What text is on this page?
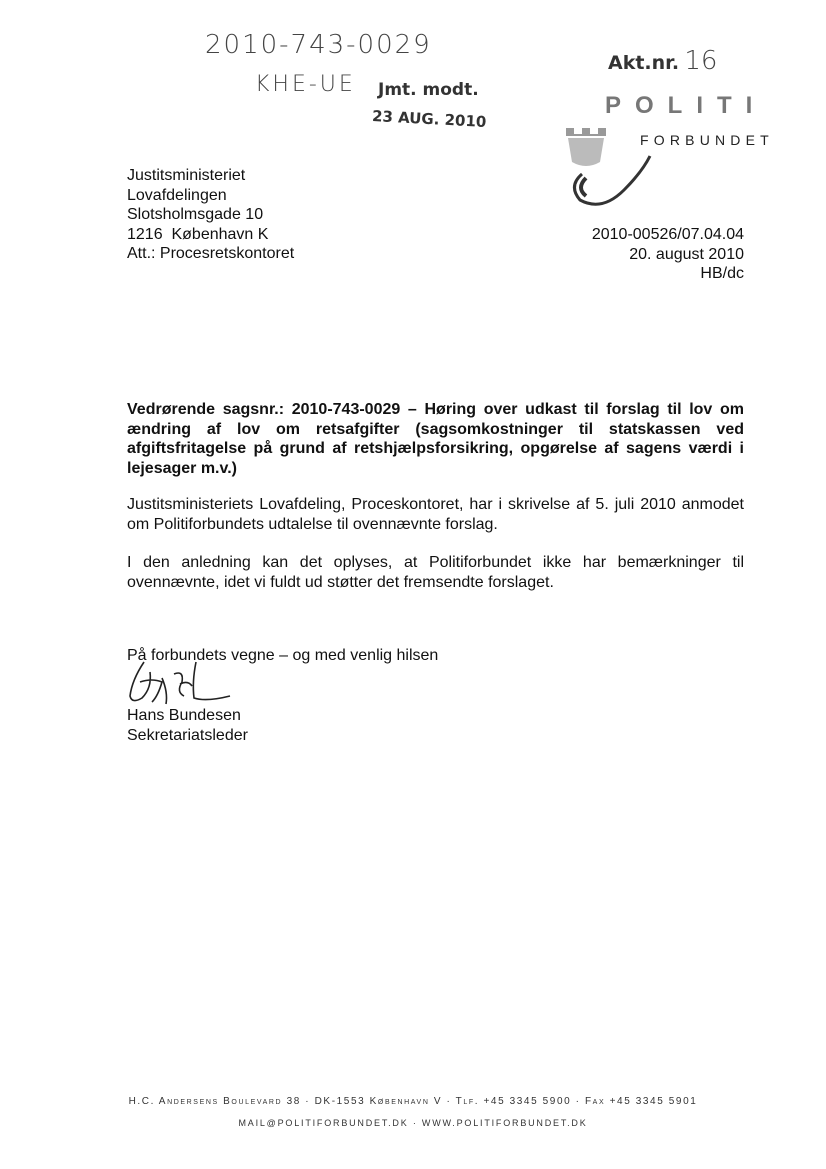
2010-743-0029
KHE-UE Jmt. modt.
23 AUG. 2010
Akt.nr. 16
POLITI
FORBUNDET
Justitsministeriet
Lovafdelingen
Slotsholmsgade 10
1216  København K
Att.: Procesretskontoret
2010-00526/07.04.04
20. august 2010
HB/dc
Vedrørende sagsnr.: 2010-743-0029 – Høring over udkast til forslag til lov om ændring af lov om retsafgifter (sagsomkostninger til statskassen ved afgiftsfritagelse på grund af retshjælpsforsikring, opgørelse af sagens værdi i lejesager m.v.)
Justitsministeriets Lovafdeling, Proceskontoret, har i skrivelse af 5. juli 2010 anmodet om Politiforbundets udtalelse til ovennævnte forslag.
I den anledning kan det oplyses, at Politiforbundet ikke har bemærkninger til ovennævnte, idet vi fuldt ud støtter det fremsendte forslaget.
På forbundets vegne – og med venlig hilsen
Hans Bundesen
Sekretariatsleder
H.C. Andersens Boulevard 38 · DK-1553 København V · Tlf. +45 3345 5900 · Fax +45 3345 5901
MAIL@POLITIFORBUNDET.DK · WWW.POLITIFORBUNDET.DK
